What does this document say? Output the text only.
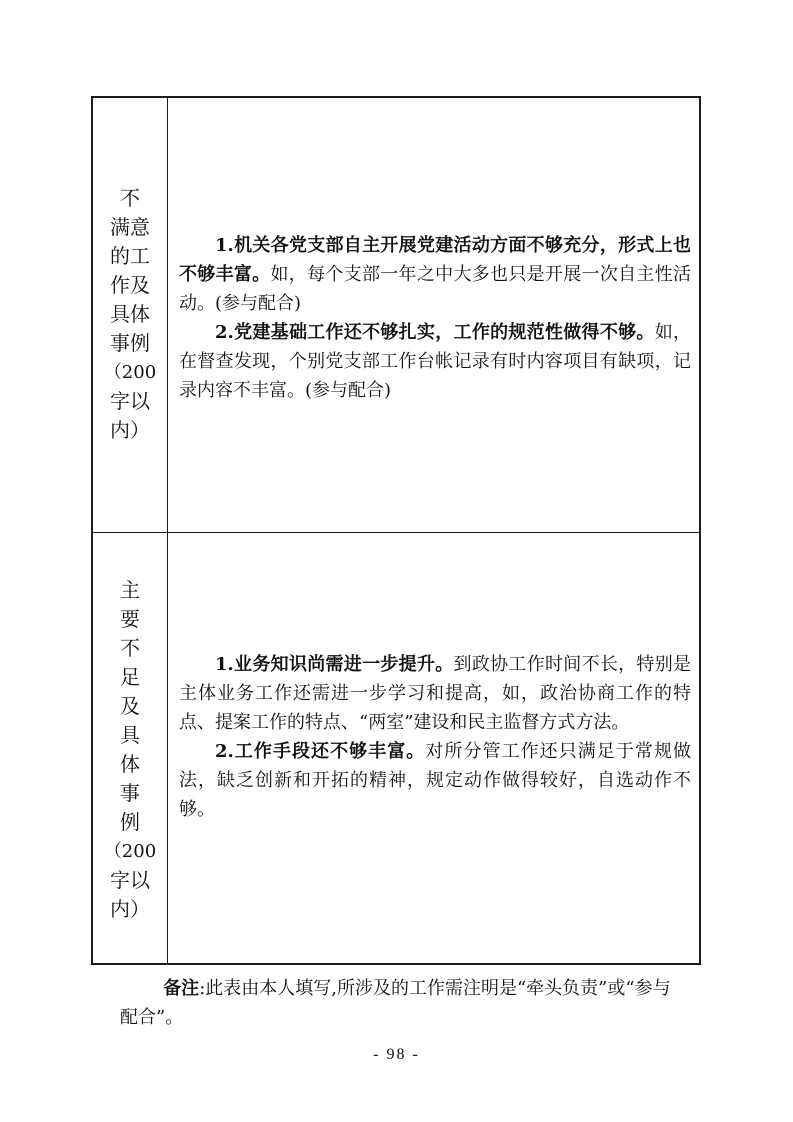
不
满意
的工
作及
具体
事例
（200
字以
内）

1.机关各党支部自主开展党建活动方面不够充分，形式上也不够丰富。如，每个支部一年之中大多也只是开展一次自主性活动。(参与配合)

2.党建基础工作还不够扎实，工作的规范性做得不够。如，在督查发现，个别党支部工作台帐记录有时内容项目有缺项，记录内容不丰富。(参与配合)

主
要
不
足
及
具
体
事
例
（200
字以
内）

1.业务知识尚需进一步提升。到政协工作时间不长，特别是主体业务工作还需进一步学习和提高，如，政治协商工作的特点、提案工作的特点、“两室”建设和民主监督方式方法。

2.工作手段还不够丰富。对所分管工作还只满足于常规做法，缺乏创新和开拓的精神，规定动作做得较好，自选动作不够。

备注:此表由本人填写,所涉及的工作需注明是“牵头负责”或“参与配合”。
- 98 -
